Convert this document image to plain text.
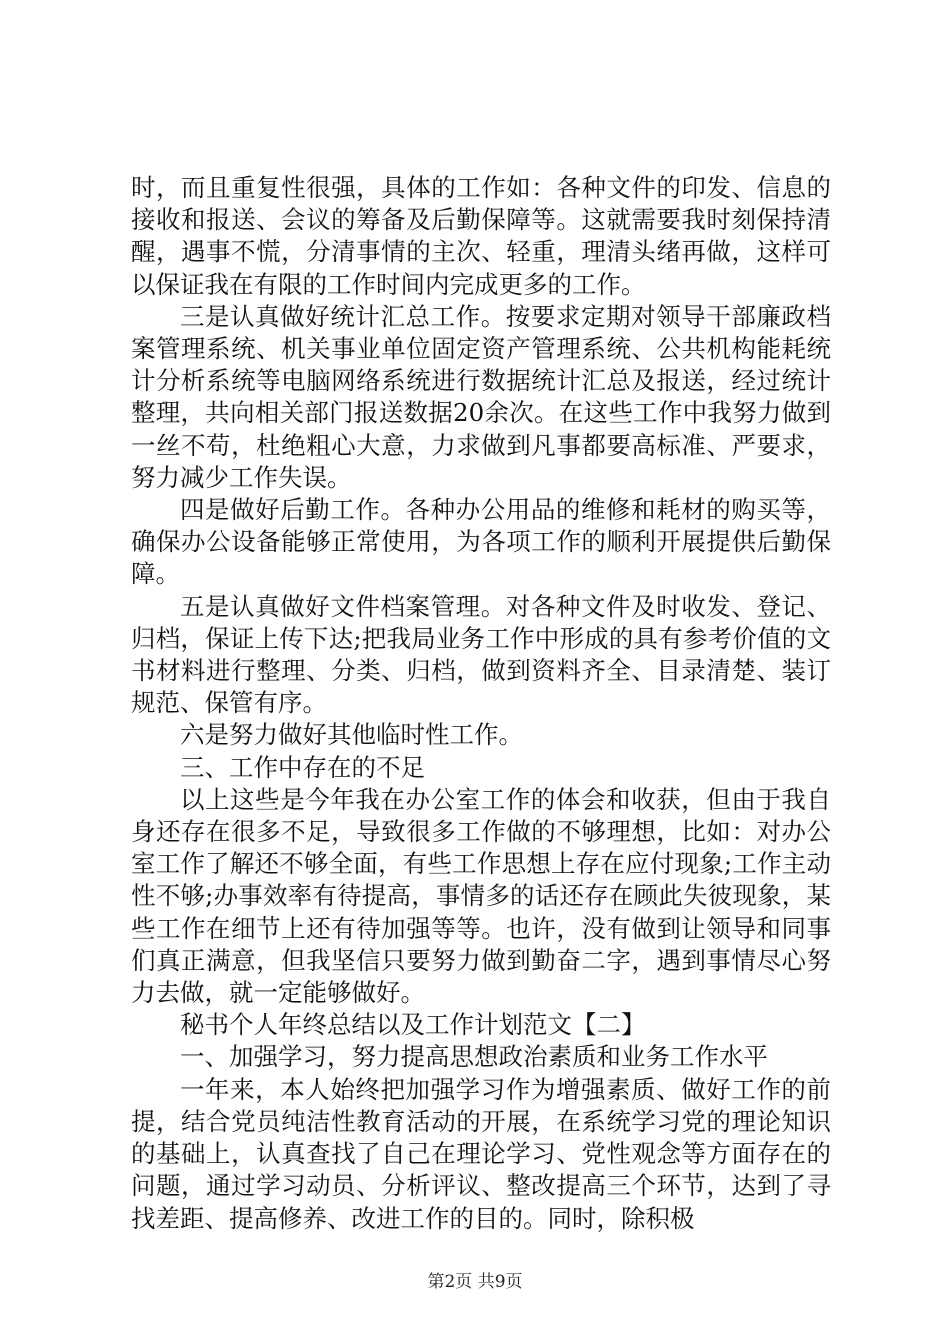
时，而且重复性很强，具体的工作如：各种文件的印发、信息的接收和报送、会议的筹备及后勤保障等。这就需要我时刻保持清醒，遇事不慌，分清事情的主次、轻重，理清头绪再做，这样可以保证我在有限的工作时间内完成更多的工作。

三是认真做好统计汇总工作。按要求定期对领导干部廉政档案管理系统、机关事业单位固定资产管理系统、公共机构能耗统计分析系统等电脑网络系统进行数据统计汇总及报送，经过统计整理，共向相关部门报送数据20余次。在这些工作中我努力做到一丝不苟，杜绝粗心大意，力求做到凡事都要高标准、严要求，努力减少工作失误。

四是做好后勤工作。各种办公用品的维修和耗材的购买等，确保办公设备能够正常使用，为各项工作的顺利开展提供后勤保障。

五是认真做好文件档案管理。对各种文件及时收发、登记、归档，保证上传下达;把我局业务工作中形成的具有参考价值的文书材料进行整理、分类、归档，做到资料齐全、目录清楚、装订规范、保管有序。

六是努力做好其他临时性工作。

三、工作中存在的不足

以上这些是今年我在办公室工作的体会和收获，但由于我自身还存在很多不足，导致很多工作做的不够理想，比如：对办公室工作了解还不够全面，有些工作思想上存在应付现象;工作主动性不够;办事效率有待提高，事情多的话还存在顾此失彼现象，某些工作在细节上还有待加强等等。也许，没有做到让领导和同事们真正满意，但我坚信只要努力做到勤奋二字，遇到事情尽心努力去做，就一定能够做好。

秘书个人年终总结以及工作计划范文【二】

一、加强学习，努力提高思想政治素质和业务工作水平

一年来，本人始终把加强学习作为增强素质、做好工作的前提，结合党员纯洁性教育活动的开展，在系统学习党的理论知识的基础上，认真查找了自己在理论学习、党性观念等方面存在的问题，通过学习动员、分析评议、整改提高三个环节，达到了寻找差距、提高修养、改进工作的目的。同时，除积极

第2页 共9页
